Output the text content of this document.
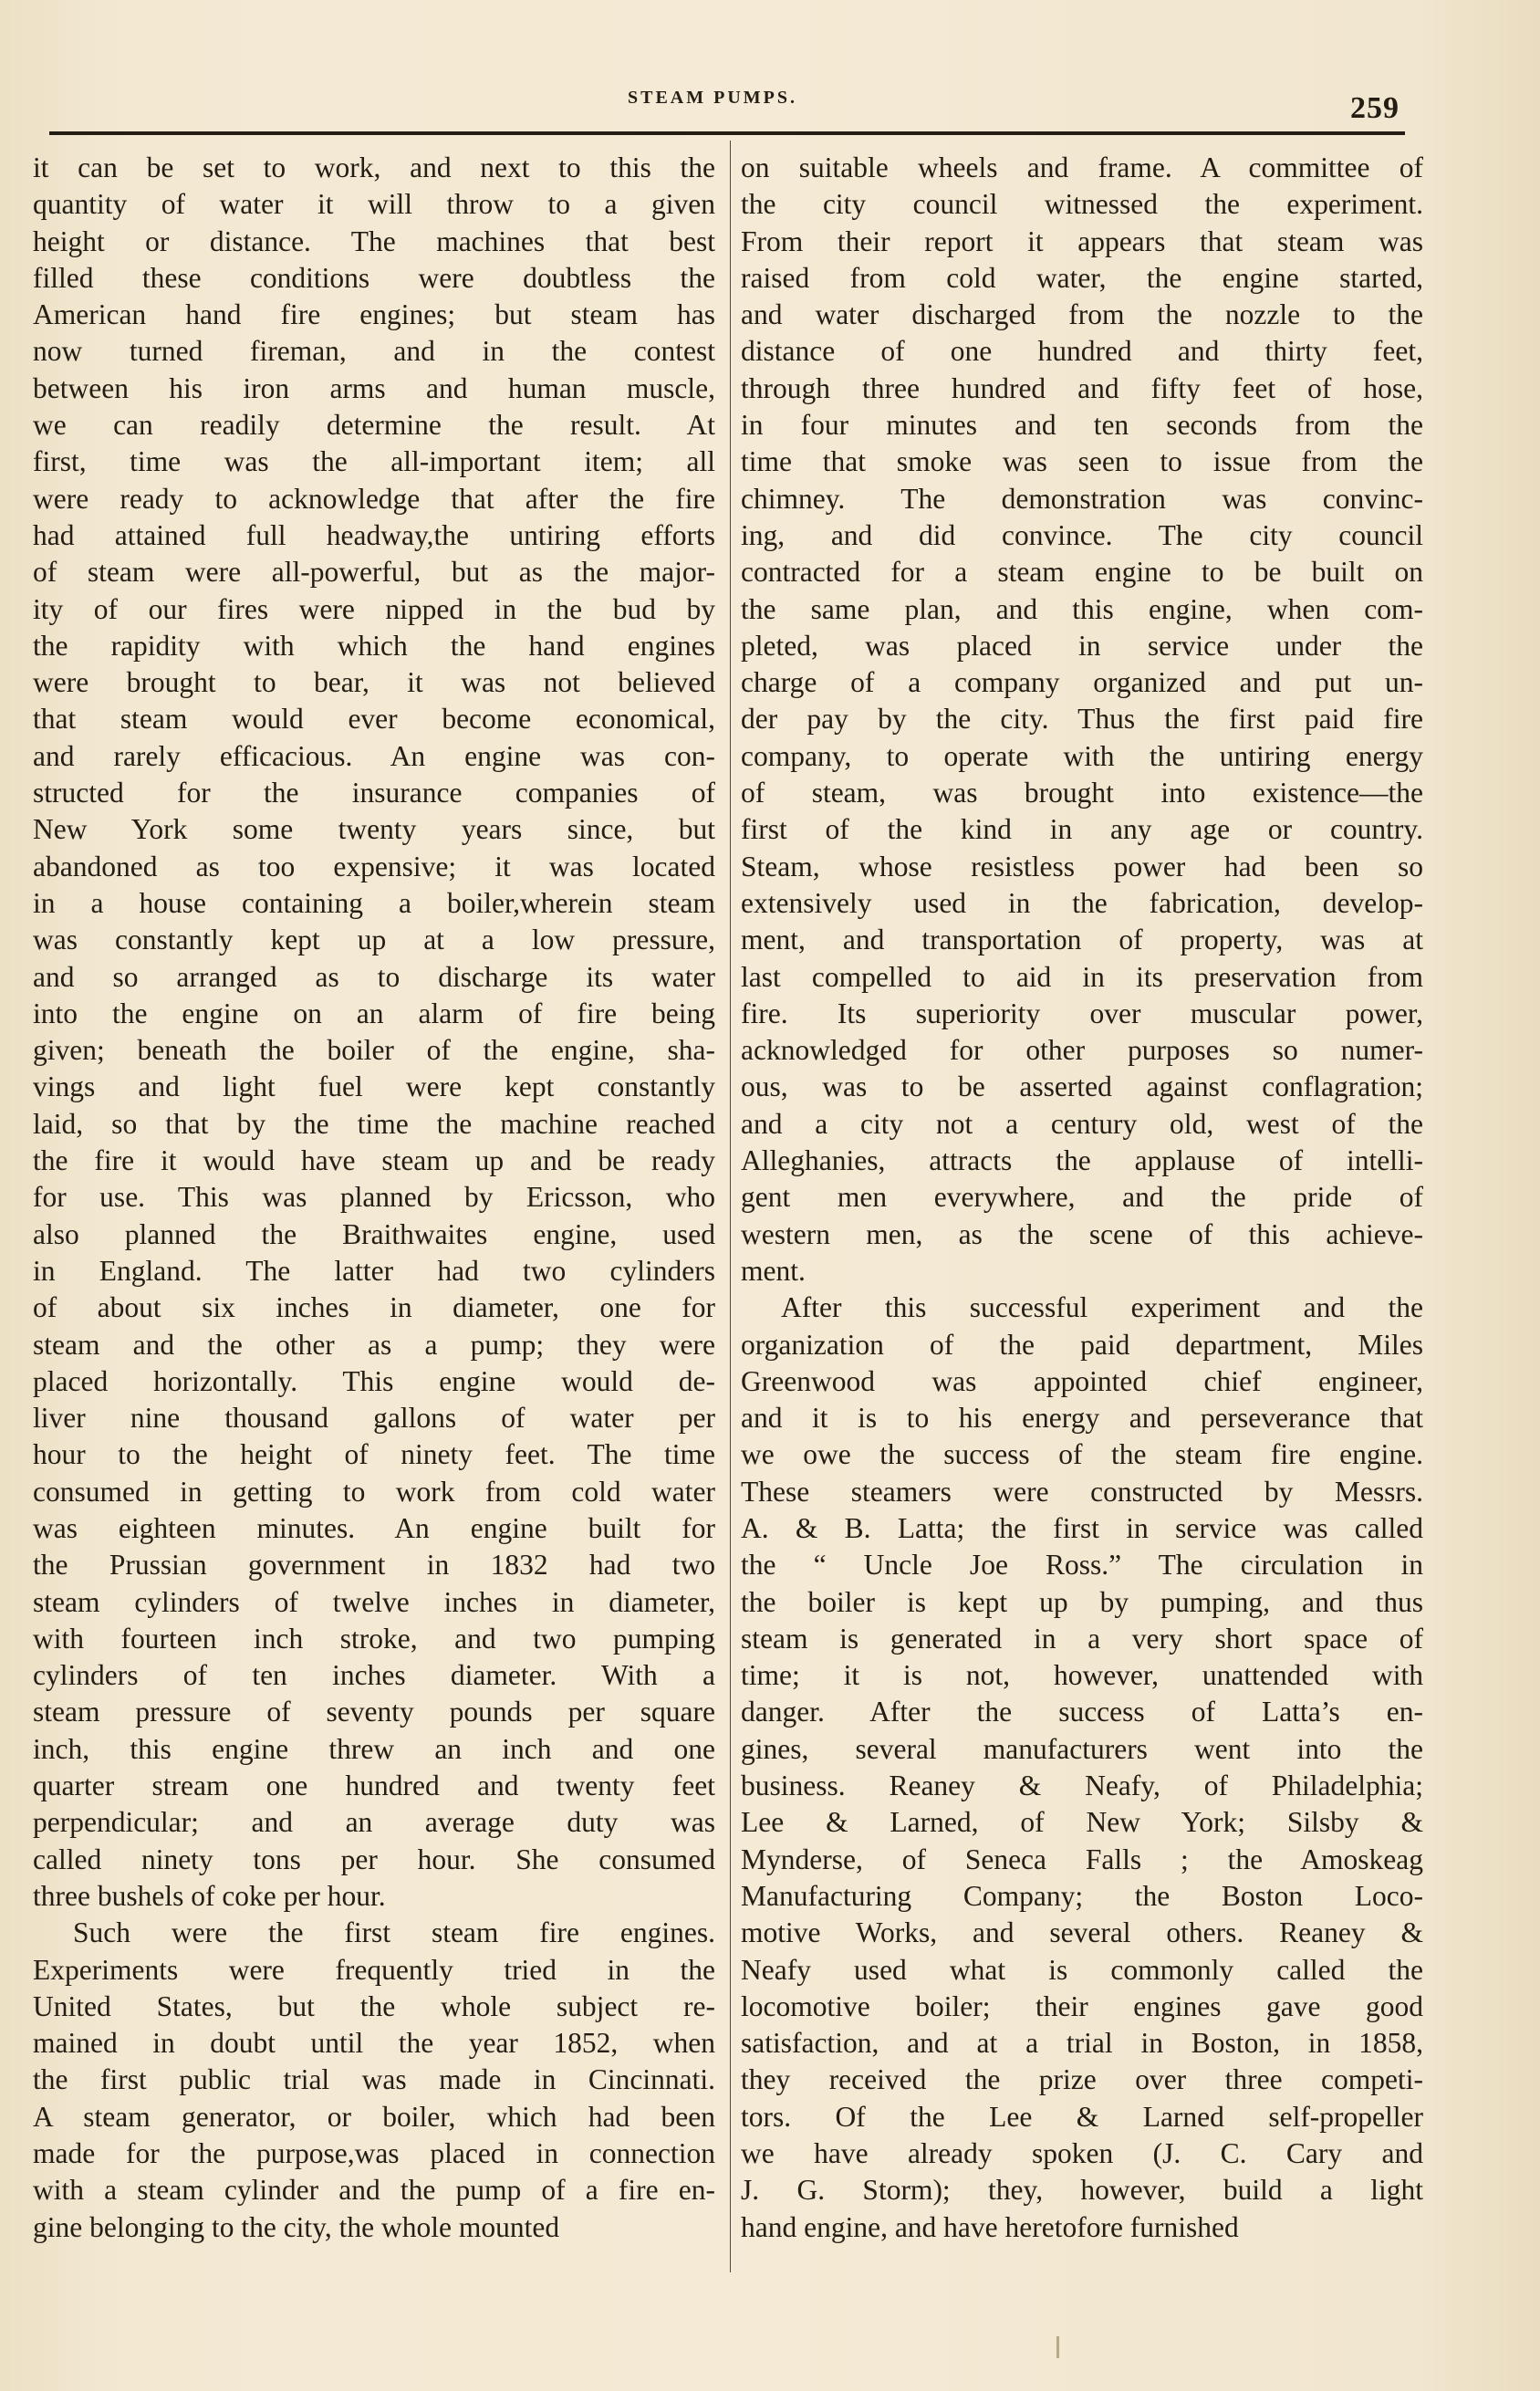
STEAM PUMPS.	259
it can be set to work, and next to this the
quantity of water it will throw to a given
height or distance. The machines that best
filled these conditions were doubtless the
American hand fire engines; but steam has
now turned fireman, and in the contest
between his iron arms and human muscle,
we can readily determine the result. At
first, time was the all-important item; all
were ready to acknowledge that after the fire
had attained full headway,the untiring efforts
of steam were all-powerful, but as the major-
ity of our fires were nipped in the bud by
the rapidity with which the hand engines
were brought to bear, it was not believed
that steam would ever become economical,
and rarely efficacious. An engine was con-
structed for the insurance companies of
New York some twenty years since, but
abandoned as too expensive; it was located
in a house containing a boiler,wherein steam
was constantly kept up at a low pressure,
and so arranged as to discharge its water
into the engine on an alarm of fire being
given; beneath the boiler of the engine, sha-
vings and light fuel were kept constantly
laid, so that by the time the machine reached
the fire it would have steam up and be ready
for use. This was planned by Ericsson, who
also planned the Braithwaites engine, used
in England. The latter had two cylinders
of about six inches in diameter, one for
steam and the other as a pump; they were
placed horizontally. This engine would de-
liver nine thousand gallons of water per
hour to the height of ninety feet. The time
consumed in getting to work from cold water
was eighteen minutes. An engine built for
the Prussian government in 1832 had two
steam cylinders of twelve inches in diameter,
with fourteen inch stroke, and two pumping
cylinders of ten inches diameter. With a
steam pressure of seventy pounds per square
inch, this engine threw an inch and one
quarter stream one hundred and twenty feet
perpendicular; and an average duty was
called ninety tons per hour. She consumed
three bushels of coke per hour.
Such were the first steam fire engines.
Experiments were frequently tried in the
United States, but the whole subject re-
mained in doubt until the year 1852, when
the first public trial was made in Cincinnati.
A steam generator, or boiler, which had been
made for the purpose,was placed in connection
with a steam cylinder and the pump of a fire en-
gine belonging to the city, the whole mounted
on suitable wheels and frame. A committee of
the city council witnessed the experiment.
From their report it appears that steam was
raised from cold water, the engine started,
and water discharged from the nozzle to the
distance of one hundred and thirty feet,
through three hundred and fifty feet of hose,
in four minutes and ten seconds from the
time that smoke was seen to issue from the
chimney. The demonstration was convinc-
ing, and did convince. The city council
contracted for a steam engine to be built on
the same plan, and this engine, when com-
pleted, was placed in service under the
charge of a company organized and put un-
der pay by the city. Thus the first paid fire
company, to operate with the untiring energy
of steam, was brought into existence—the
first of the kind in any age or country.
Steam, whose resistless power had been so
extensively used in the fabrication, develop-
ment, and transportation of property, was at
last compelled to aid in its preservation from
fire. Its superiority over muscular power,
acknowledged for other purposes so numer-
ous, was to be asserted against conflagration;
and a city not a century old, west of the
Alleghanies, attracts the applause of intelli-
gent men everywhere, and the pride of
western men, as the scene of this achieve-
ment.
After this successful experiment and the
organization of the paid department, Miles
Greenwood was appointed chief engineer,
and it is to his energy and perseverance that
we owe the success of the steam fire engine.
These steamers were constructed by Messrs.
A. & B. Latta; the first in service was called
the “ Uncle Joe Ross.” The circulation in
the boiler is kept up by pumping, and thus
steam is generated in a very short space of
time; it is not, however, unattended with
danger. After the success of Latta’s en-
gines, several manufacturers went into the
business. Reaney & Neafy, of Philadelphia;
Lee & Larned, of New York; Silsby &
Mynderse, of Seneca Falls ; the Amoskeag
Manufacturing Company; the Boston Loco-
motive Works, and several others. Reaney &
Neafy used what is commonly called the
locomotive boiler; their engines gave good
satisfaction, and at a trial in Boston, in 1858,
they received the prize over three competi-
tors. Of the Lee & Larned self-propeller
we have already spoken (J. C. Cary and
J. G. Storm); they, however, build a light
hand engine, and have heretofore furnished
